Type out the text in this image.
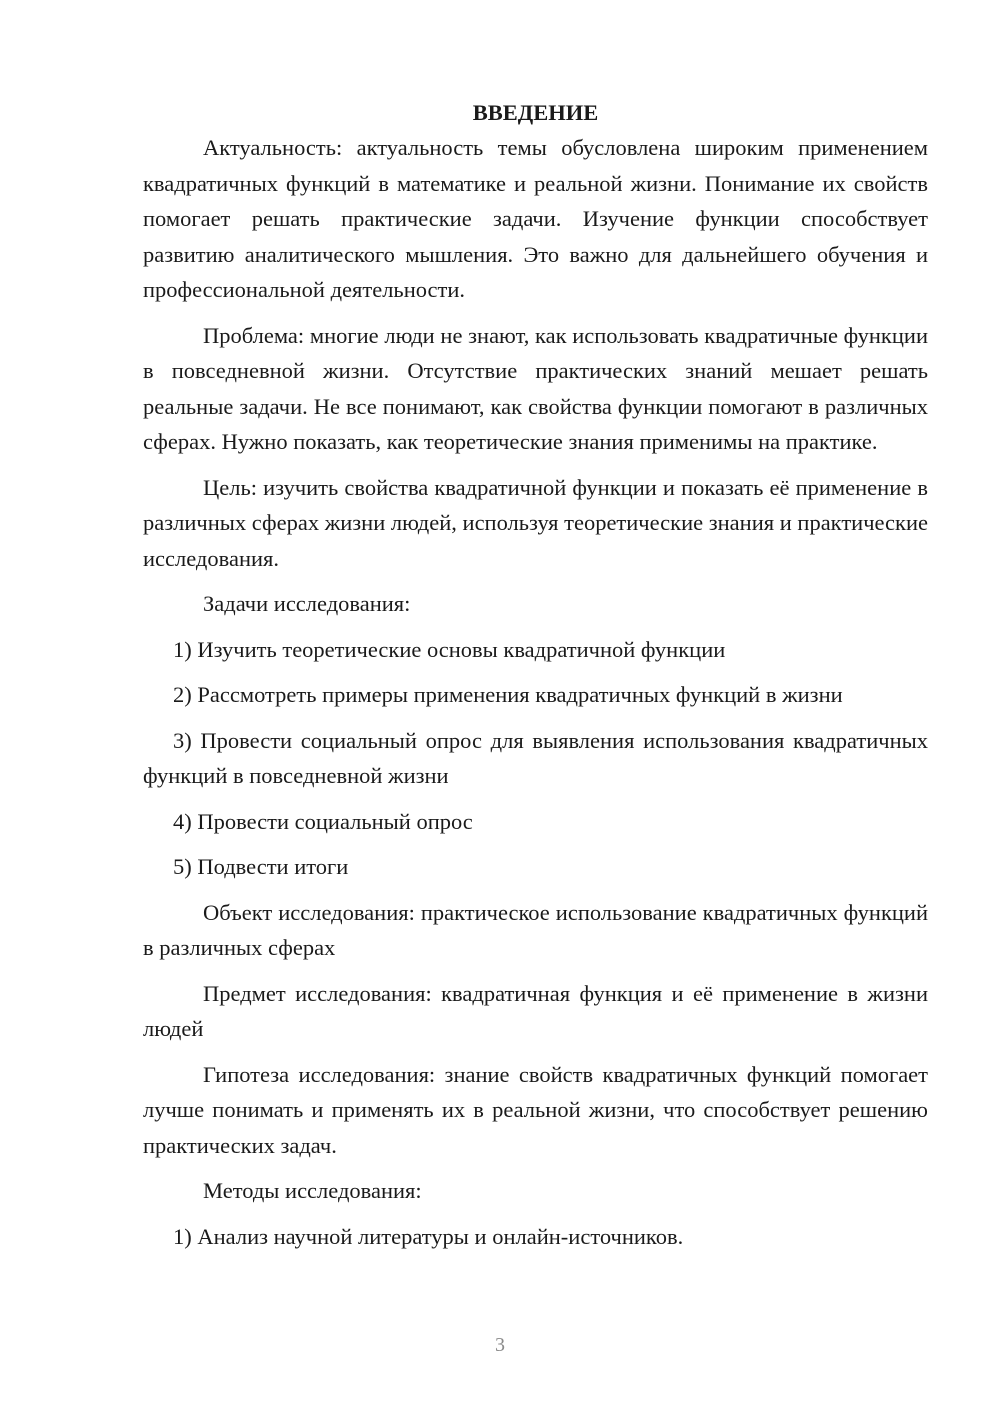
ВВЕДЕНИЕ

Актуальность: актуальность темы обусловлена широким применением квадратичных функций в математике и реальной жизни. Понимание их свойств помогает решать практические задачи. Изучение функции способствует развитию аналитического мышления. Это важно для дальнейшего обучения и профессиональной деятельности.

Проблема: многие люди не знают, как использовать квадратичные функции в повседневной жизни. Отсутствие практических знаний мешает решать реальные задачи. Не все понимают, как свойства функции помогают в различных сферах. Нужно показать, как теоретические знания применимы на практике.

Цель: изучить свойства квадратичной функции и показать её применение в различных сферах жизни людей, используя теоретические знания и практические исследования.

Задачи исследования:

1) Изучить теоретические основы квадратичной функции

2) Рассмотреть примеры применения квадратичных функций в жизни

3) Провести социальный опрос для выявления использования квадратичных функций в повседневной жизни

4) Провести социальный опрос

5) Подвести итоги

Объект исследования: практическое использование квадратичных функций в различных сферах

Предмет исследования: квадратичная функция и её применение в жизни людей

Гипотеза исследования: знание свойств квадратичных функций помогает лучше понимать и применять их в реальной жизни, что способствует решению практических задач.

Методы исследования:

1) Анализ научной литературы и онлайн-источников.

3
